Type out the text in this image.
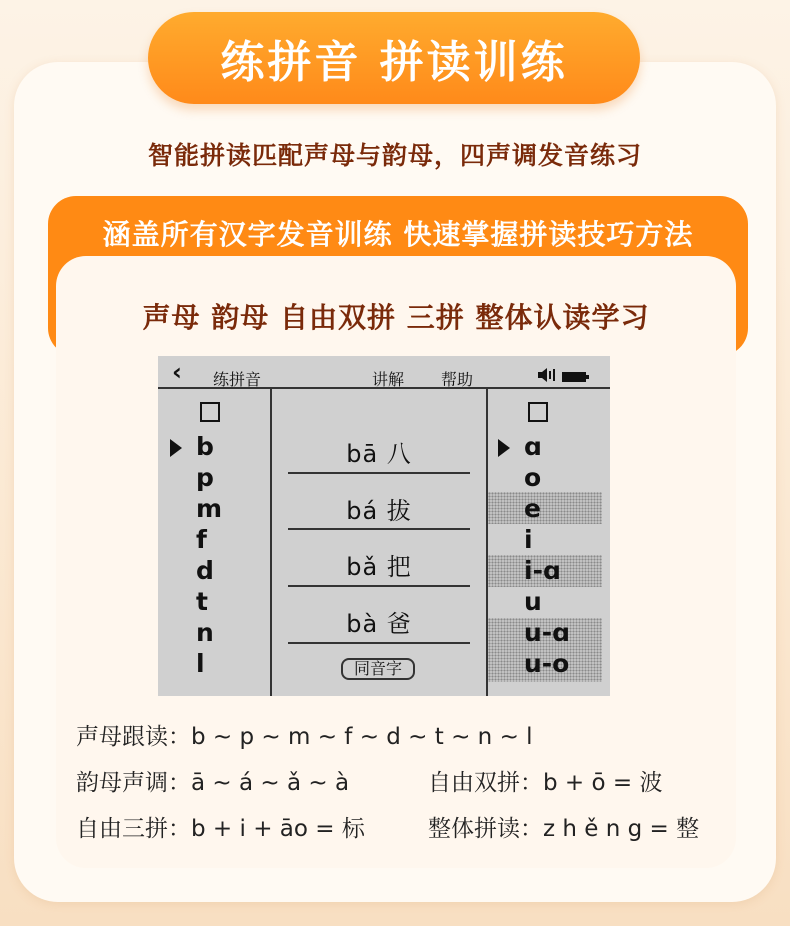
练拼音 拼读训练
智能拼读匹配声母与韵母，四声调发音练习
涵盖所有汉字发音训练 快速掌握拼读技巧方法
声母 韵母 自由双拼 三拼 整体认读学习
‹ 练拼音	讲解 帮助
b
p
m
f
d
t
n
l
bā 八
bá 拔
bǎ 把
bà 爸
同音字
ɑ
o
e
i
i-ɑ
u
u-ɑ
u-o
声母跟读：b ~ p ~ m ~ f ~ d ~ t ~ n ~ l
韵母声调：ā ~ á ~ ǎ ~ à	自由双拼：b + ō = 波
自由三拼：b + i + āo = 标	整体拼读：z h ě n g = 整
